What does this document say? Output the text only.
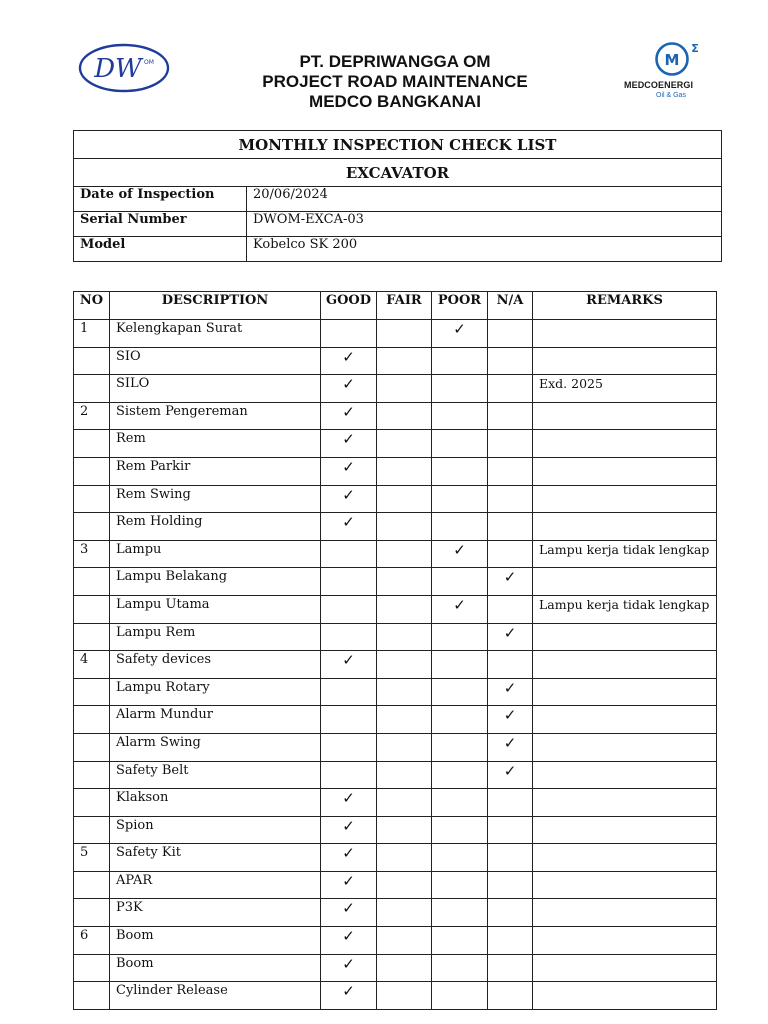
DW OM	PT. DEPRIWANGGA OM
PROJECT ROAD MAINTENANCE
MEDCO BANGKANAI
M
Σ
MEDCOENERGI
Oil & Gas
MONTHLY INSPECTION CHECK LIST	
EXCAVATOR	
Date of Inspection	20/06/2024
Serial Number	DWOM-EXCA-03
Model	Kobelco SK 200
NO	DESCRIPTION	GOOD	FAIR	POOR	N/A	REMARKS
1	Kelengkapan Surat			✓		
	SIO	✓				
	SILO	✓				Exd. 2025
2	Sistem Pengereman	✓				
	Rem	✓				
	Rem Parkir	✓				
	Rem Swing	✓				
	Rem Holding	✓				
3	Lampu			✓		Lampu kerja tidak lengkap
	Lampu Belakang				✓	
	Lampu Utama			✓		Lampu kerja tidak lengkap
	Lampu Rem				✓	
4	Safety devices	✓				
	Lampu Rotary				✓	
	Alarm Mundur				✓	
	Alarm Swing				✓	
	Safety Belt				✓	
	Klakson	✓				
	Spion	✓				
5	Safety Kit	✓				
	APAR	✓				
	P3K	✓				
6	Boom	✓				
	Boom	✓				
	Cylinder Release	✓				
